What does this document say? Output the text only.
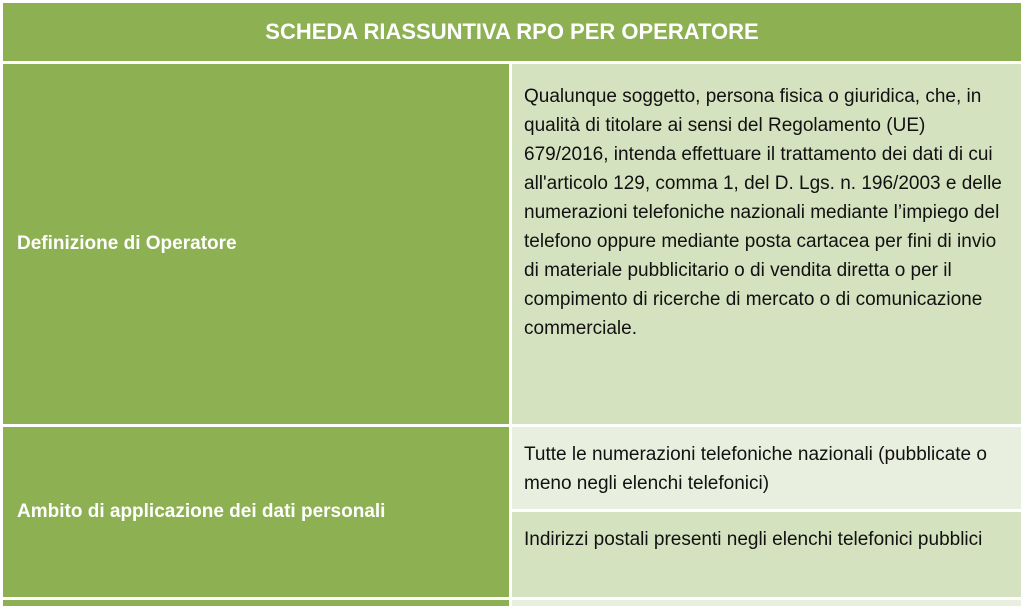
SCHEDA RIASSUNTIVA RPO PER OPERATORE
Definizione di Operatore
Qualunque soggetto, persona fisica o giuridica, che, in qualità di titolare ai sensi del Regolamento (UE) 679/2016, intenda effettuare il trattamento dei dati di cui all'articolo 129, comma 1, del D. Lgs. n. 196/2003 e delle numerazioni telefoniche nazionali mediante l’impiego del telefono oppure mediante posta cartacea per fini di invio di materiale pubblicitario o di vendita diretta o per il compimento di ricerche di mercato o di comunicazione commerciale.
Ambito di applicazione dei dati personali
Tutte le numerazioni telefoniche nazionali (pubblicate o meno negli elenchi telefonici)
Indirizzi postali presenti negli elenchi telefonici pubblici
